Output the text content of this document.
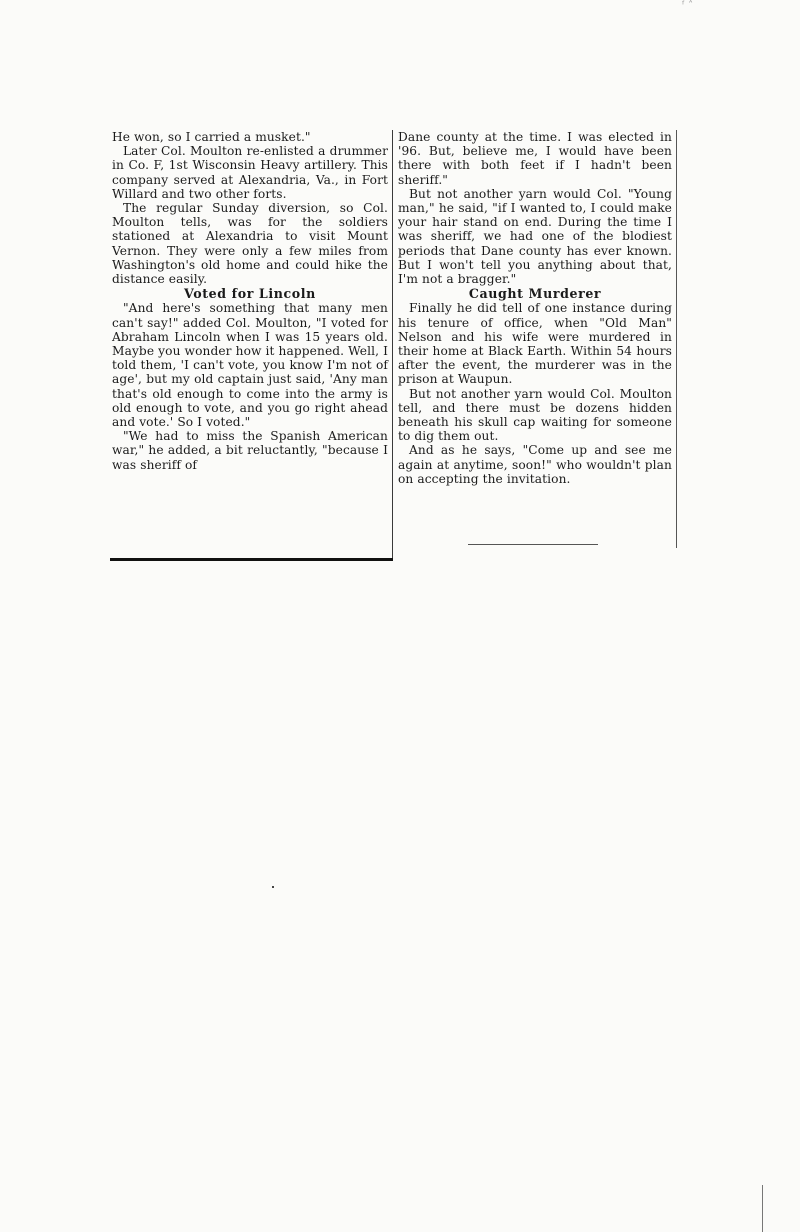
ᶠ ˄

He won, so I carried a musket."

Later Col. Moulton re-enlisted a drummer in Co. F, 1st Wisconsin Heavy artillery. This company served at Alexandria, Va., in Fort Willard and two other forts.

The regular Sunday diversion, so Col. Moulton tells, was for the soldiers stationed at Alexandria to visit Mount Vernon. They were only a few miles from Washington's old home and could hike the distance easily.

Voted for Lincoln

"And here's something that many men can't say!" added Col. Moulton, "I voted for Abraham Lincoln when I was 15 years old. Maybe you wonder how it happened. Well, I told them, 'I can't vote, you know I'm not of age', but my old captain just said, 'Any man that's old enough to come into the army is old enough to vote, and you go right ahead and vote.' So I voted."

"We had to miss the Spanish American war," he added, a bit reluctantly, "because I was sheriff of

Dane county at the time. I was elected in '96. But, believe me, I would have been there with both feet if I hadn't been sheriff."

But not another yarn would Col. "Young man," he said, "if I wanted to, I could make your hair stand on end. During the time I was sheriff, we had one of the blodiest periods that Dane county has ever known. But I won't tell you anything about that, I'm not a bragger."

Caught Murderer

Finally he did tell of one instance during his tenure of office, when "Old Man" Nelson and his wife were murdered in their home at Black Earth. Within 54 hours after the event, the murderer was in the prison at Waupun.

But not another yarn would Col. Moulton tell, and there must be dozens hidden beneath his skull cap waiting for someone to dig them out.

And as he says, "Come up and see me again at anytime, soon!" who wouldn't plan on accepting the invitation.
